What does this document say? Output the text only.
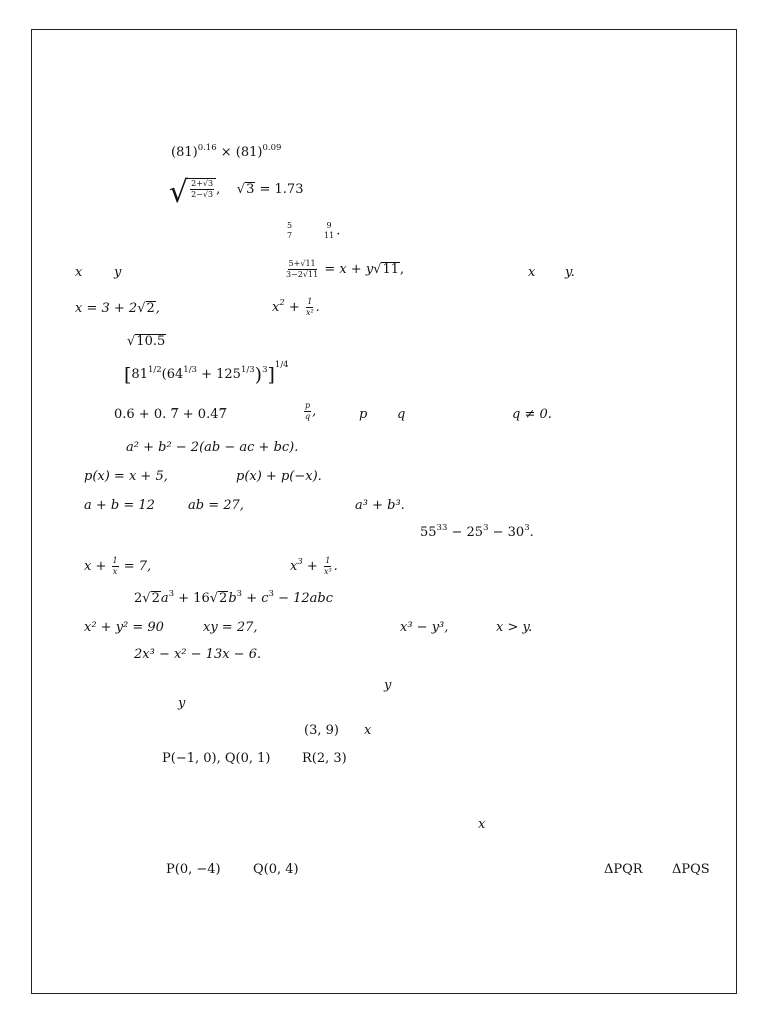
$(81)^{0.16} \times (81)^{0.09}$
√ $\frac{2+√3}{2-√3}$ , √3 = 1.73
5
7
9
11 .
x y	$\frac{5+√11}{3-2√11} = x + y√11$,	x y.
x = 3 + 2√2,	$x^2 + \frac{1}{\text{x²}}$ .
√10.5
$[81^{1/2}(64^{1/3} + 125^{1/3})^3]^{1/4}$
0.6 + 0. 7̅ + 0.47̅	$\frac{p}{q}$ ,	p q	q ≠ 0.
a² + b² − 2(ab − ac + bc).
p(x) = x + 5,	p(x) + p(−x).
a + b = 12	ab = 27,	a³ + b³.
$55^{33} - 25^3 - 30^3$.
$x + \frac{1}{x} = 7$,	$x^3 + \frac{1}{\text{x³}}$ .
$2√2a^3 + 16√2b^3 + c^3 - 12abc$
x² + y² = 90	xy = 27,	x³ − y³,	x > y.
2x³ − x² − 13x − 6.
y
y
(3, 9) x
P(−1, 0), Q(0, 1) R(2, 3)
x
P(0, −4) Q(0, 4)	ΔPQR ΔPQS
